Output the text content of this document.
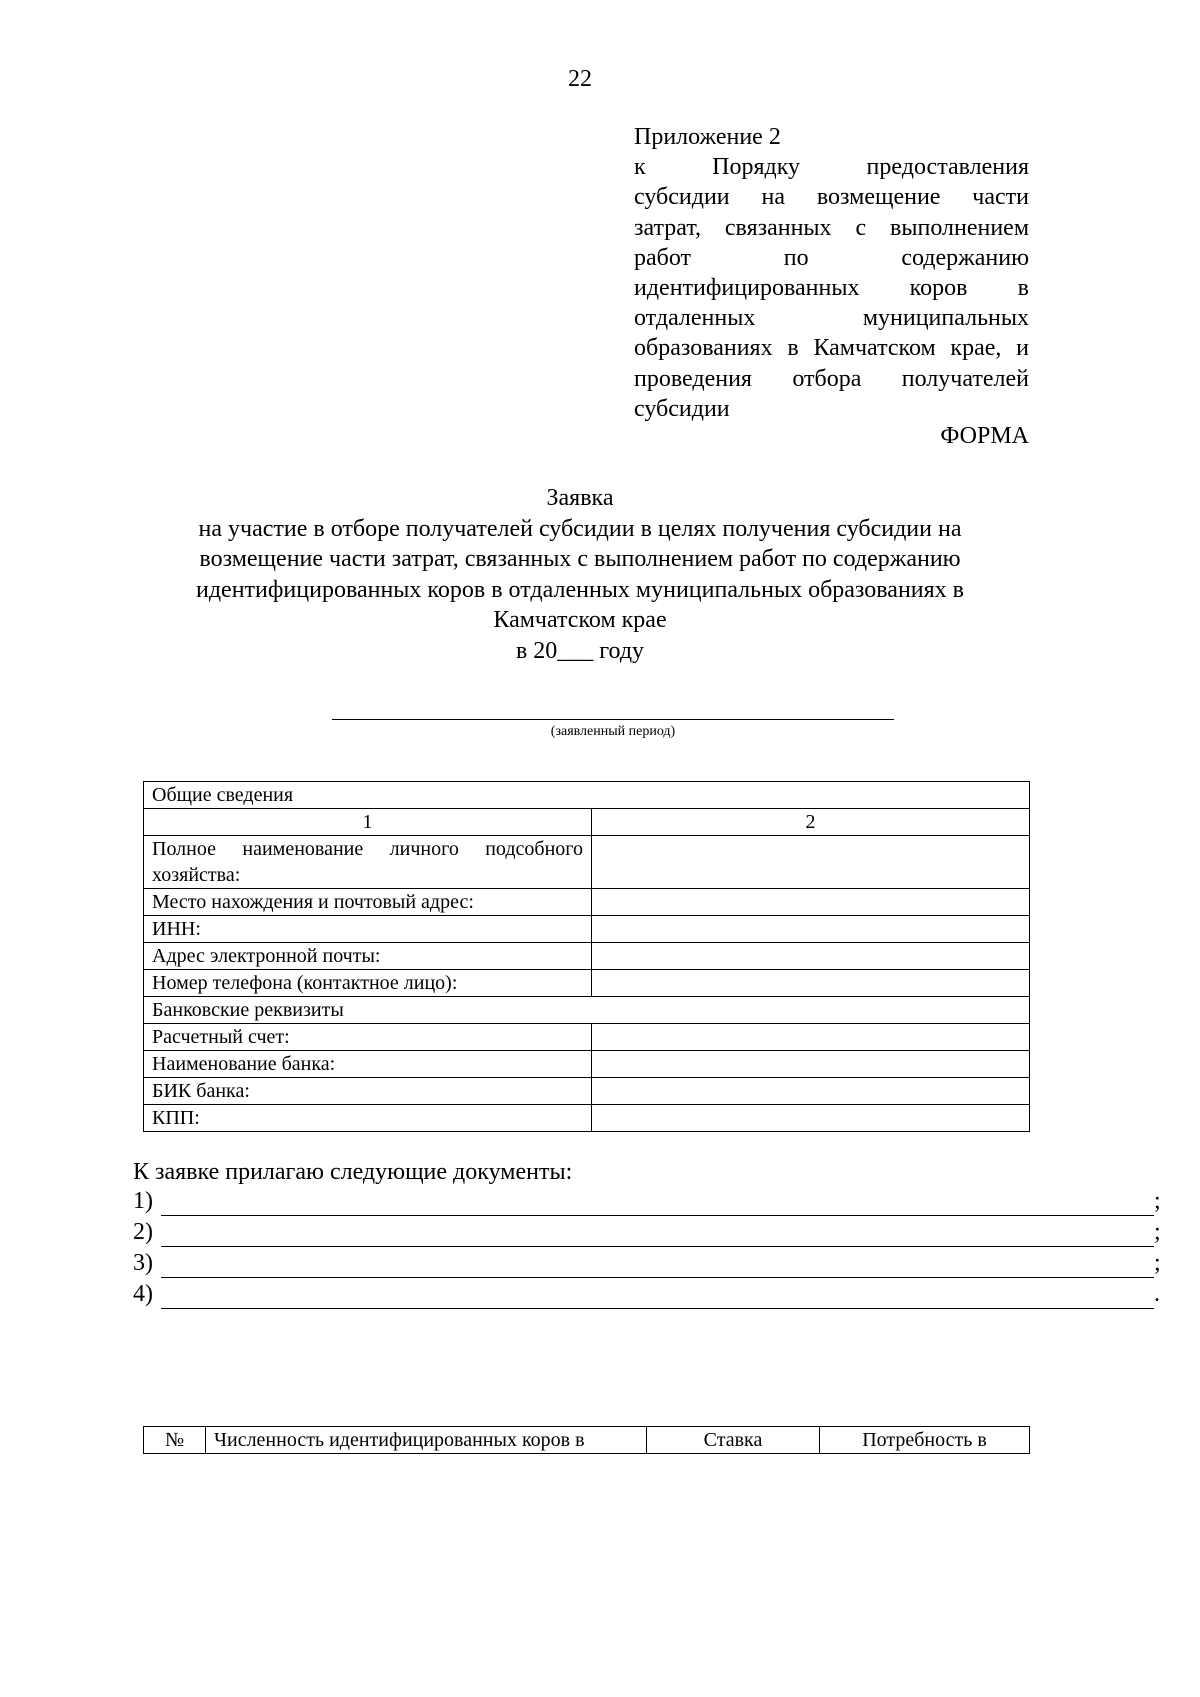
22
Приложение 2
к Порядку предоставления
субсидии на возмещение части
затрат, связанных с выполнением
работ по содержанию
идентифицированных коров в
отдаленных муниципальных
образованиях в Камчатском крае, и
проведения отбора получателей
субсидии
ФОРМА
Заявка
на участие в отборе получателей субсидии в целях получения субсидии на
возмещение части затрат, связанных с выполнением работ по содержанию
идентифицированных коров в отдаленных муниципальных образованиях в
Камчатском крае
в 20___ году
(заявленный период)
Общие сведения	
1	2
Полное наименование личного подсобного хозяйства:	
Место нахождения и почтовый адрес:	
ИНН:	
Адрес электронной почты:	
Номер телефона (контактное лицо):	
Банковские реквизиты	
Расчетный счет:	
Наименование банка:	
БИК банка:	
КПП:	
К заявке прилагаю следующие документы:
1)	;
2)	;
3)	;
4)	.
№	Численность идентифицированных коров в	Ставка	Потребность в
